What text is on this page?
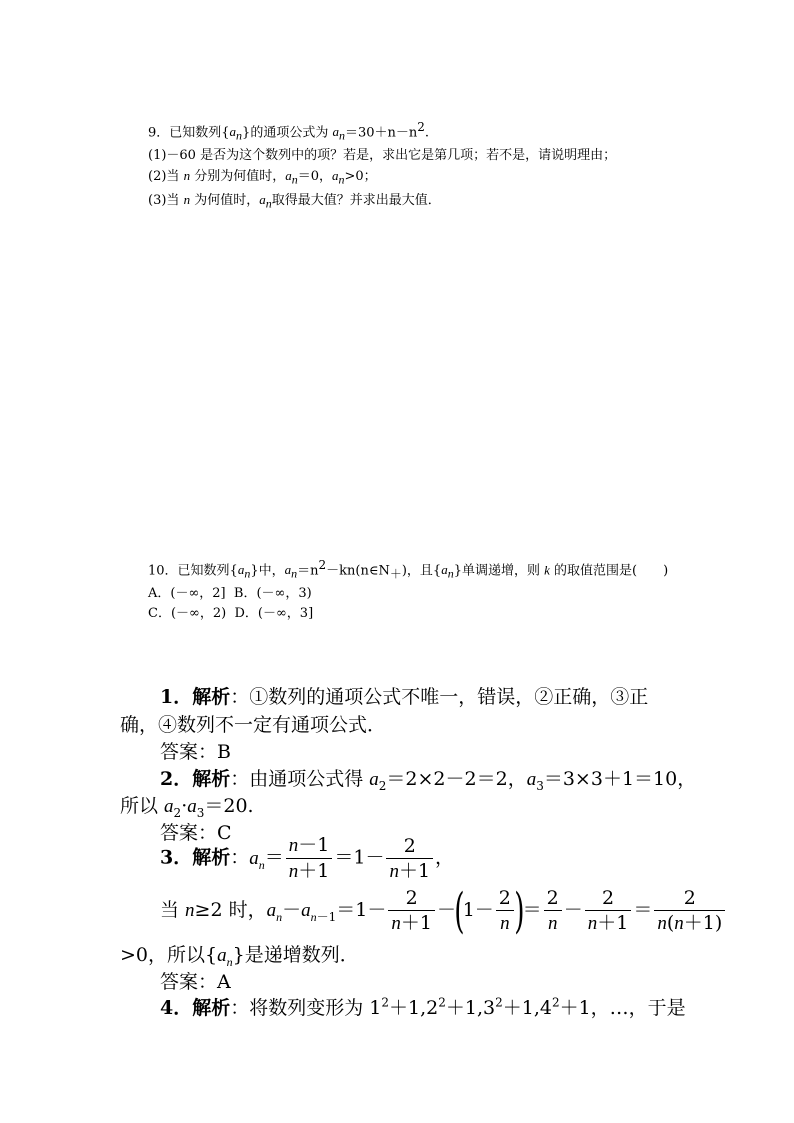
9．已知数列$\{a_n\}$的通项公式为 $a_n=30+n-n^2$.
(1)－60 是否为这个数列中的项？若是，求出它是第几项；若不是，请说明理由；
(2)当 n 分别为何值时，$a_n=0$，$a_n>0$；
(3)当 n 为何值时，$a_n$取得最大值？并求出最大值．
10．已知数列$\{a_n\}$中，$a_n=n^2-kn(n\in N_+)$，且$\{a_n\}$单调递增，则 k 的取值范围是(　　)
A．(－∞，2] B．(－∞，3)
C．(－∞，2) D．(－∞，3]
1．解析：①数列的通项公式不唯一，错误，②正确，③正
确，④数列不一定有通项公式．
答案：B
2．解析：由通项公式得 $a_2=2\times 2-2=2$，$a_3=3\times 3+1=10$，
所以 $a_2\cdot a_3=20$.
答案：C
3．解析：$a_n= \frac{n-1}{n+1} =1- \frac{2}{n+1}$ ，
当 n≥2 时，$a_n-a_{n-1}=1- \frac{2}{n+1} -(1- \frac{2}{n}$ )＝ $\frac{2}{n} - \frac{2}{n+1} = \frac{2}{n(n+1)}$
>0，所以$\{a_n\}$是递增数列．
答案：A
4．解析：将数列变形为 $1^2+1,2^2+1,3^2+1,4^2+1$，…，于是
